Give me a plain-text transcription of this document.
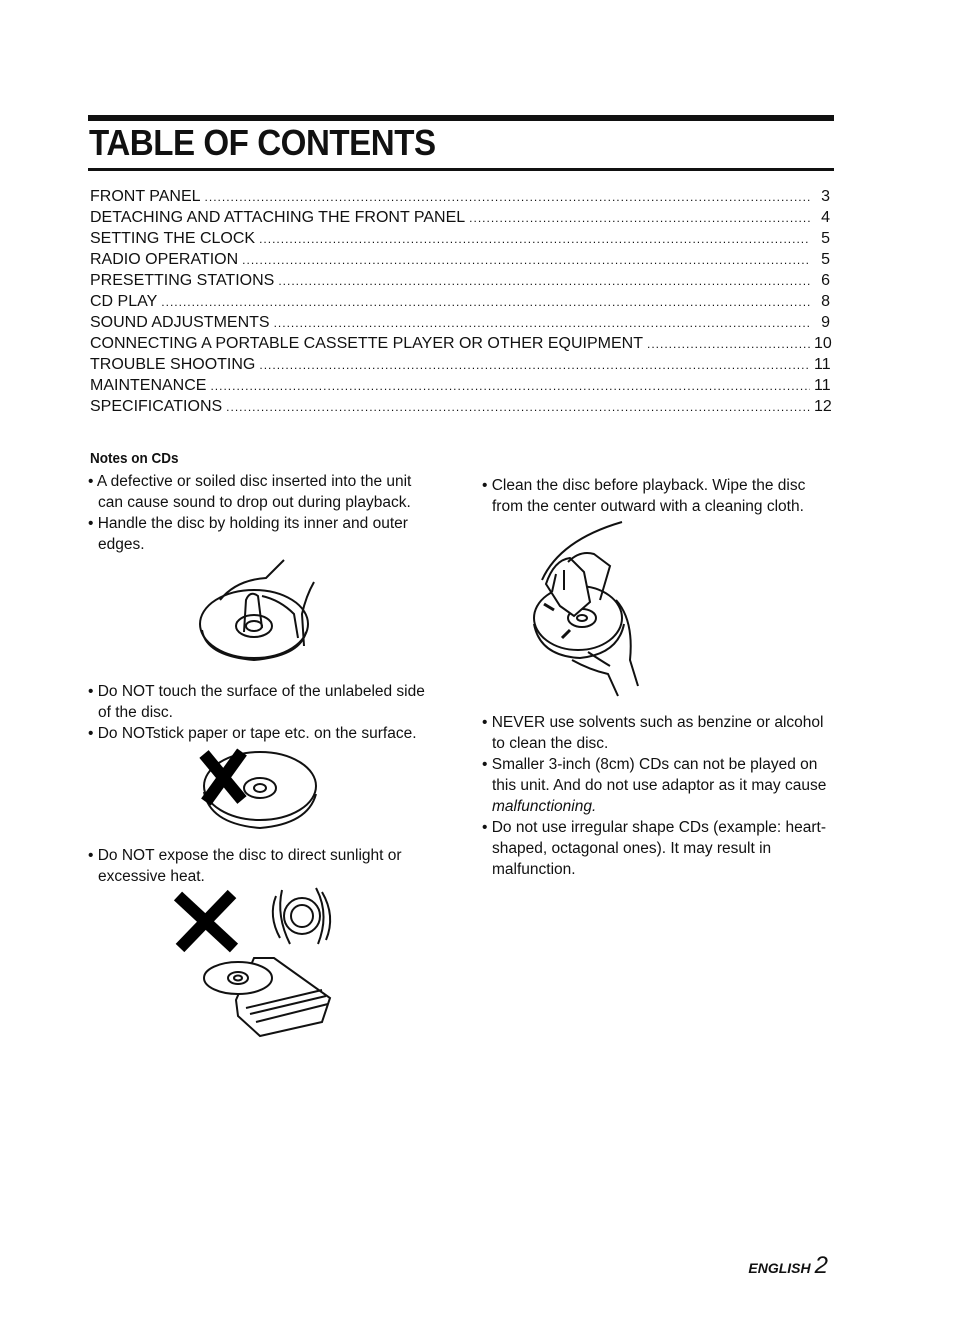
TABLE OF CONTENTS
FRONT PANEL .....	3
DETACHING AND ATTACHING THE FRONT PANEL .....	4
SETTING THE CLOCK .....	5
RADIO OPERATION .....	5
PRESETTING STATIONS .....	6
CD PLAY .....	8
SOUND ADJUSTMENTS .....	9
CONNECTING A PORTABLE CASSETTE PLAYER OR OTHER EQUIPMENT .....	10
TROUBLE SHOOTING .....	11
MAINTENANCE .....	11
SPECIFICATIONS .....	12
Notes on CDs

• A defective or soiled disc inserted into the unit can cause sound to drop out during playback.

• Handle the disc by holding its inner and outer edges.

• Do NOT touch the surface of the unlabeled side of the disc.

• Do NOTstick paper or tape etc. on the surface.

• Do NOT expose the disc to direct sunlight or excessive heat.

• Clean the disc before playback. Wipe the disc from the center outward with a cleaning cloth.

• NEVER use solvents such as benzine or alcohol to clean the disc.

• Smaller 3-inch (8cm) CDs can not be played on this unit. And do not use adaptor as it may cause malfunctioning.

• Do not use irregular shape CDs (example: heart-shaped, octagonal ones). It may result in malfunction.

ENGLISH 2
